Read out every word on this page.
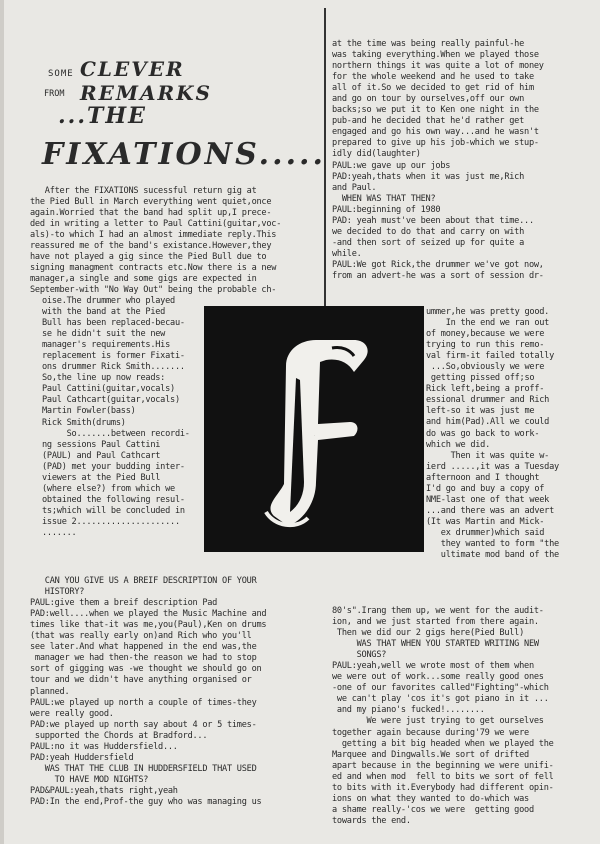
SOME CLEVER REMARKS
FROM
...THE
FIXATIONS.....

After the FIXATIONS sucessful return gig at

the Pied Bull in March everything went quiet,once

again.Worried that the band had split up,I prece-

ded in writing a letter to Paul Cattini(guitar,voc-

als)-to which I had an almost immediate reply.This

reassured me of the band's existance.However,they

have not played a gig since the Pied Bull due to

signing managment contracts etc.Now there is a new

manager,a single and some gigs are expected in

September-with "No Way Out" being the probable ch-

oise.The drummer who played

with the band at the Pied

Bull has been replaced-becau-

se he didn't suit the new

manager's requirements.His

replacement is former Fixati-

ons drummer Rick Smith.......

So,the line up now reads:

Paul Cattini(guitar,vocals)

Paul Cathcart(guitar,vocals)

Martin Fowler(bass)

Rick Smith(drums)

So.......between recordi-

ng sessions Paul Cattini

(PAUL) and Paul Cathcart

(PAD) met your budding inter-

viewers at the Pied Bull

(where else?) from which we

obtained the following resul-

ts;which will be concluded in

issue 2.....................

.......

CAN YOU GIVE US A BREIF DESCRIPTION OF YOUR

HISTORY?

PAUL:give them a breif description Pad

PAD:well....when we played the Music Machine and

times like that-it was me,you(Paul),Ken on drums

(that was really early on)and Rich who you'll

see later.And what happened in the end was,the

manager we had then-the reason we had to stop

sort of gigging was -we thought we should go on

tour and we didn't have anything organised or

planned.

PAUL:we played up north a couple of times-they

were really good.

PAD:we played up north say about 4 or 5 times-

supported the Chords at Bradford...

PAUL:no it was Huddersfield...

PAD:yeah Huddersfield

WAS THAT THE CLUB IN HUDDERSFIELD THAT USED

TO HAVE MOD NIGHTS?

PAD&PAUL:yeah,thats right,yeah

PAD:In the end,Prof-the guy who was managing us

at the time was being really painful-he

was taking everything.When we played those

northern things it was quite a lot of money

for the whole weekend and he used to take

all of it.So we decided to get rid of him

and go on tour by ourselves,off our own

backs;so we put it to Ken one night in the

pub-and he decided that he'd rather get

engaged and go his own way...and he wasn't

prepared to give up his job-which we stup-

idly did(laughter)

PAUL:we gave up our jobs

PAD:yeah,thats when it was just me,Rich

and Paul.

WHEN WAS THAT THEN?

PAUL:beginning of 1980

PAD: yeah must've been about that time...

we decided to do that and carry on with

-and then sort of seized up for quite a

while.

PAUL:We got Rick,the drummer we've got now,

from an advert-he was a sort of session dr-

ummer,he was pretty good.

In the end we ran out

of money,because we were

trying to run this remo-

val firm-it failed totally

...So,obviously we were

getting pissed off;so

Rick left,being a proff-

essional drummer and Rich

left-so it was just me

and him(Pad).All we could

do was go back to work-

which we did.

Then it was quite w-

ierd .....,it was a Tuesday

afternoon and I thought

I'd go and buy a copy of

NME-last one of that week

...and there was an advert

(It was Martin and Mick-

ex drummer)which said

they wanted to form "the

ultimate mod band of the

80's".Irang them up, we went for the audit-

ion, and we just started from there again.

Then we did our 2 gigs here(Pied Bull)

WAS THAT WHEN YOU STARTED WRITING NEW

SONGS?

PAUL:yeah,well we wrote most of them when

we were out of work...some really good ones

-one of our favorites called"Fighting"-which

we can't play 'cos it's got piano in it ...

and my piano's fucked!........

We were just trying to get ourselves

together again because during'79 we were

getting a bit big headed when we played the

Marquee and Dingwalls.We sort of drifted

apart because in the beginning we were unifi-

ed and when mod  fell to bits we sort of fell

to bits with it.Everybody had different opin-

ions on what they wanted to do-which was

a shame really-'cos we were  getting good

towards the end.

F
